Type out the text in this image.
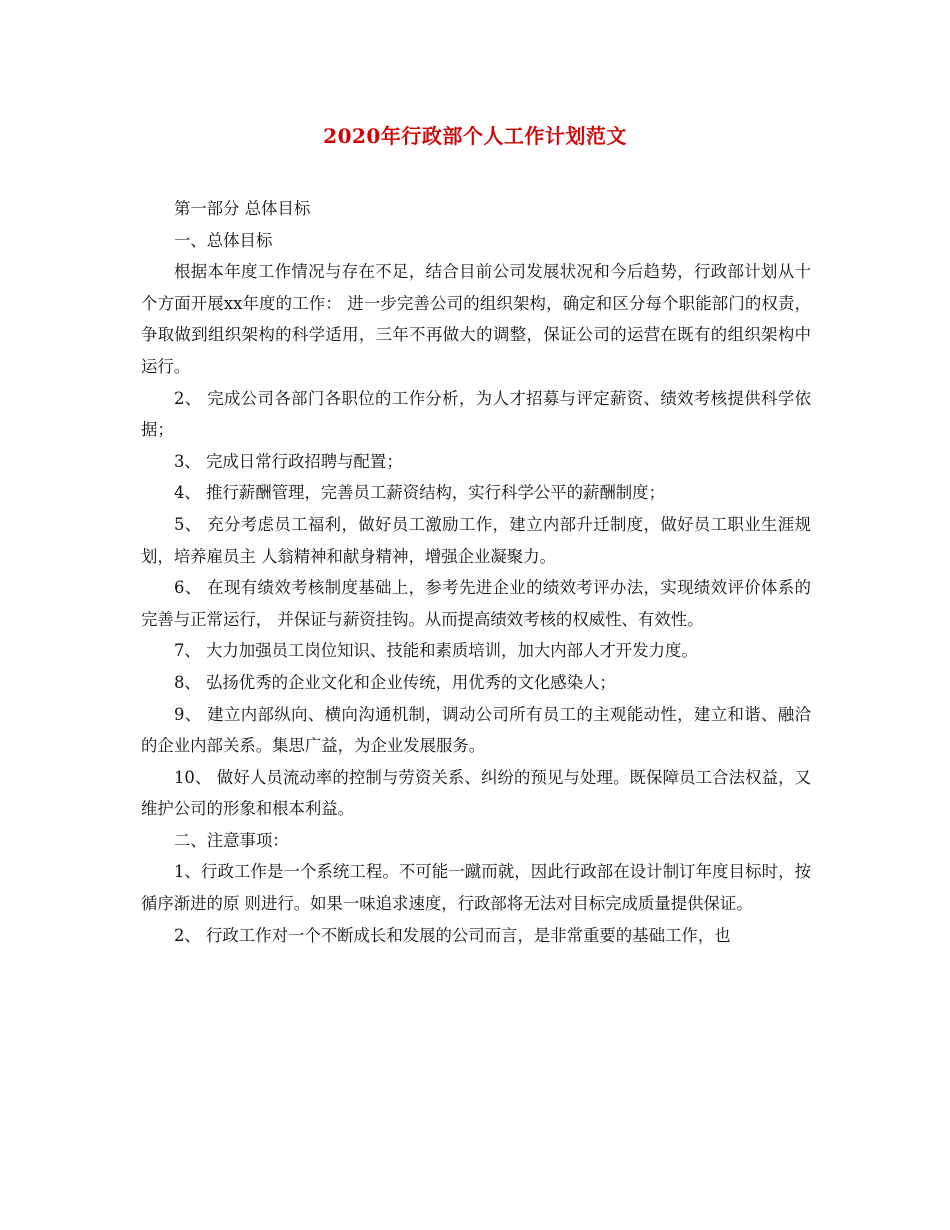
2020年行政部个人工作计划范文

第一部分 总体目标

一、总体目标

根据本年度工作情况与存在不足，结合目前公司发展状况和今后趋势，行政部计划从十个方面开展xx年度的工作： 进一步完善公司的组织架构，确定和区分每个职能部门的权责，争取做到组织架构的科学适用，三年不再做大的调整，保证公司的运营在既有的组织架构中运行。

2、 完成公司各部门各职位的工作分析，为人才招募与评定薪资、绩效考核提供科学依据；

3、 完成日常行政招聘与配置；

4、 推行薪酬管理，完善员工薪资结构，实行科学公平的薪酬制度；

5、 充分考虑员工福利，做好员工激励工作，建立内部升迁制度，做好员工职业生涯规划，培养雇员主 人翁精神和献身精神，增强企业凝聚力。

6、 在现有绩效考核制度基础上，参考先进企业的绩效考评办法，实现绩效评价体系的完善与正常运行， 并保证与薪资挂钩。从而提高绩效考核的权威性、有效性。

7、 大力加强员工岗位知识、技能和素质培训，加大内部人才开发力度。

8、 弘扬优秀的企业文化和企业传统，用优秀的文化感染人；

9、 建立内部纵向、横向沟通机制，调动公司所有员工的主观能动性，建立和谐、融洽的企业内部关系。集思广益，为企业发展服务。

10、 做好人员流动率的控制与劳资关系、纠纷的预见与处理。既保障员工合法权益，又维护公司的形象和根本利益。

二、注意事项：

1、行政工作是一个系统工程。不可能一蹴而就，因此行政部在设计制订年度目标时，按循序渐进的原 则进行。如果一味追求速度，行政部将无法对目标完成质量提供保证。

2、 行政工作对一个不断成长和发展的公司而言，是非常重要的基础工作，也
